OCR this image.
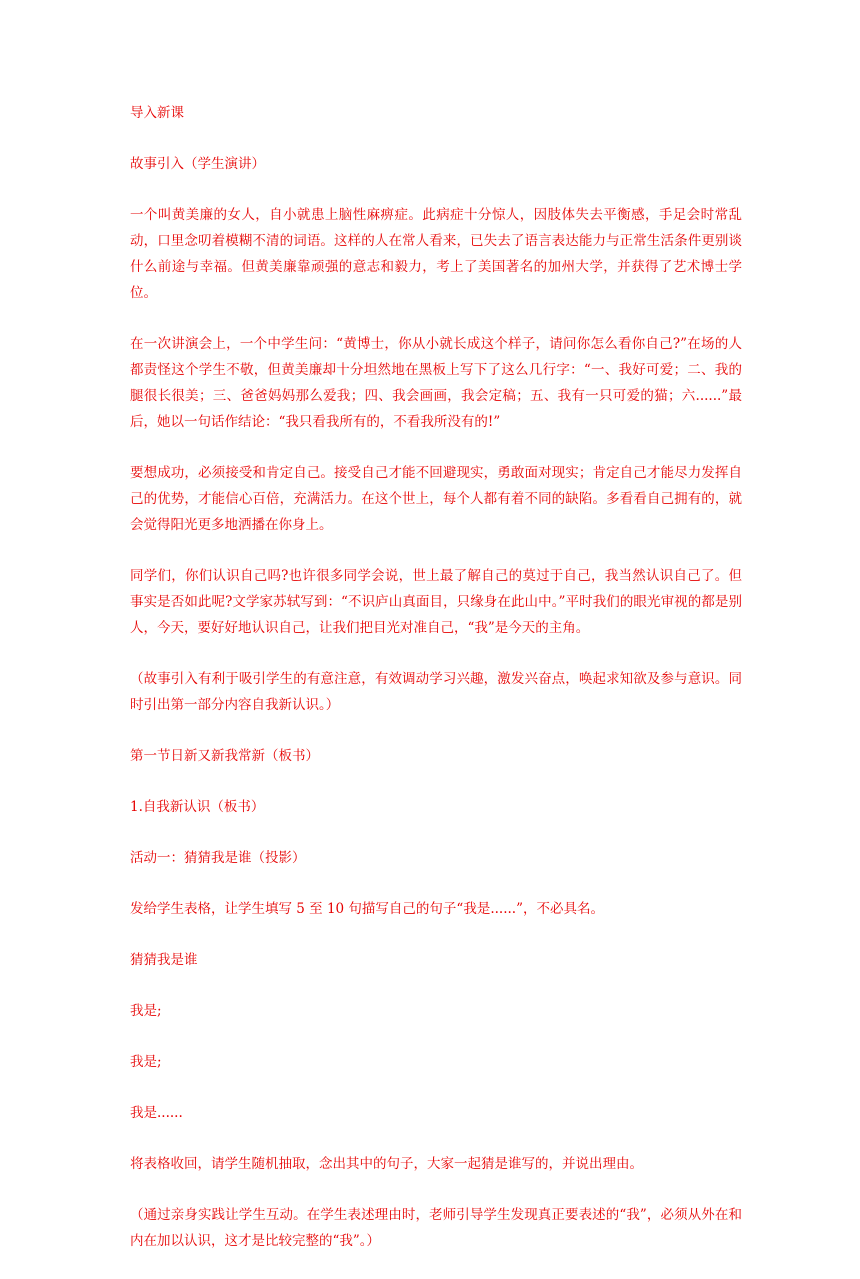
导入新课

故事引入（学生演讲）

一个叫黄美廉的女人，自小就患上脑性麻痹症。此病症十分惊人，因肢体失去平衡感，手足会时常乱动，口里念叨着模糊不清的词语。这样的人在常人看来，已失去了语言表达能力与正常生活条件更别谈什么前途与幸福。但黄美廉靠顽强的意志和毅力，考上了美国著名的加州大学，并获得了艺术博士学位。

在一次讲演会上，一个中学生问：“黄博士，你从小就长成这个样子，请问你怎么看你自己?”在场的人都责怪这个学生不敬，但黄美廉却十分坦然地在黑板上写下了这么几行字：“一、我好可爱；二、我的腿很长很美；三、爸爸妈妈那么爱我；四、我会画画，我会定稿；五、我有一只可爱的猫；六......”最后，她以一句话作结论：“我只看我所有的，不看我所没有的!”

要想成功，必须接受和肯定自己。接受自己才能不回避现实，勇敢面对现实；肯定自己才能尽力发挥自己的优势，才能信心百倍，充满活力。在这个世上，每个人都有着不同的缺陷。多看看自己拥有的，就会觉得阳光更多地洒播在你身上。

同学们，你们认识自己吗?也许很多同学会说，世上最了解自己的莫过于自己，我当然认识自己了。但事实是否如此呢?文学家苏轼写到：“不识庐山真面目，只缘身在此山中。”平时我们的眼光审视的都是别人，今天，要好好地认识自己，让我们把目光对准自己，“我”是今天的主角。

（故事引入有利于吸引学生的有意注意，有效调动学习兴趣，激发兴奋点，唤起求知欲及参与意识。同时引出第一部分内容自我新认识。）

第一节日新又新我常新（板书）

1.自我新认识（板书）

活动一：猜猜我是谁（投影）

发给学生表格，让学生填写 5 至 10 句描写自己的句子“我是......”，不必具名。

猜猜我是谁

我是;

我是;

我是......

将表格收回，请学生随机抽取，念出其中的句子，大家一起猜是谁写的，并说出理由。

（通过亲身实践让学生互动。在学生表述理由时，老师引导学生发现真正要表述的“我”，必须从外在和内在加以认识，这才是比较完整的“我”。）
